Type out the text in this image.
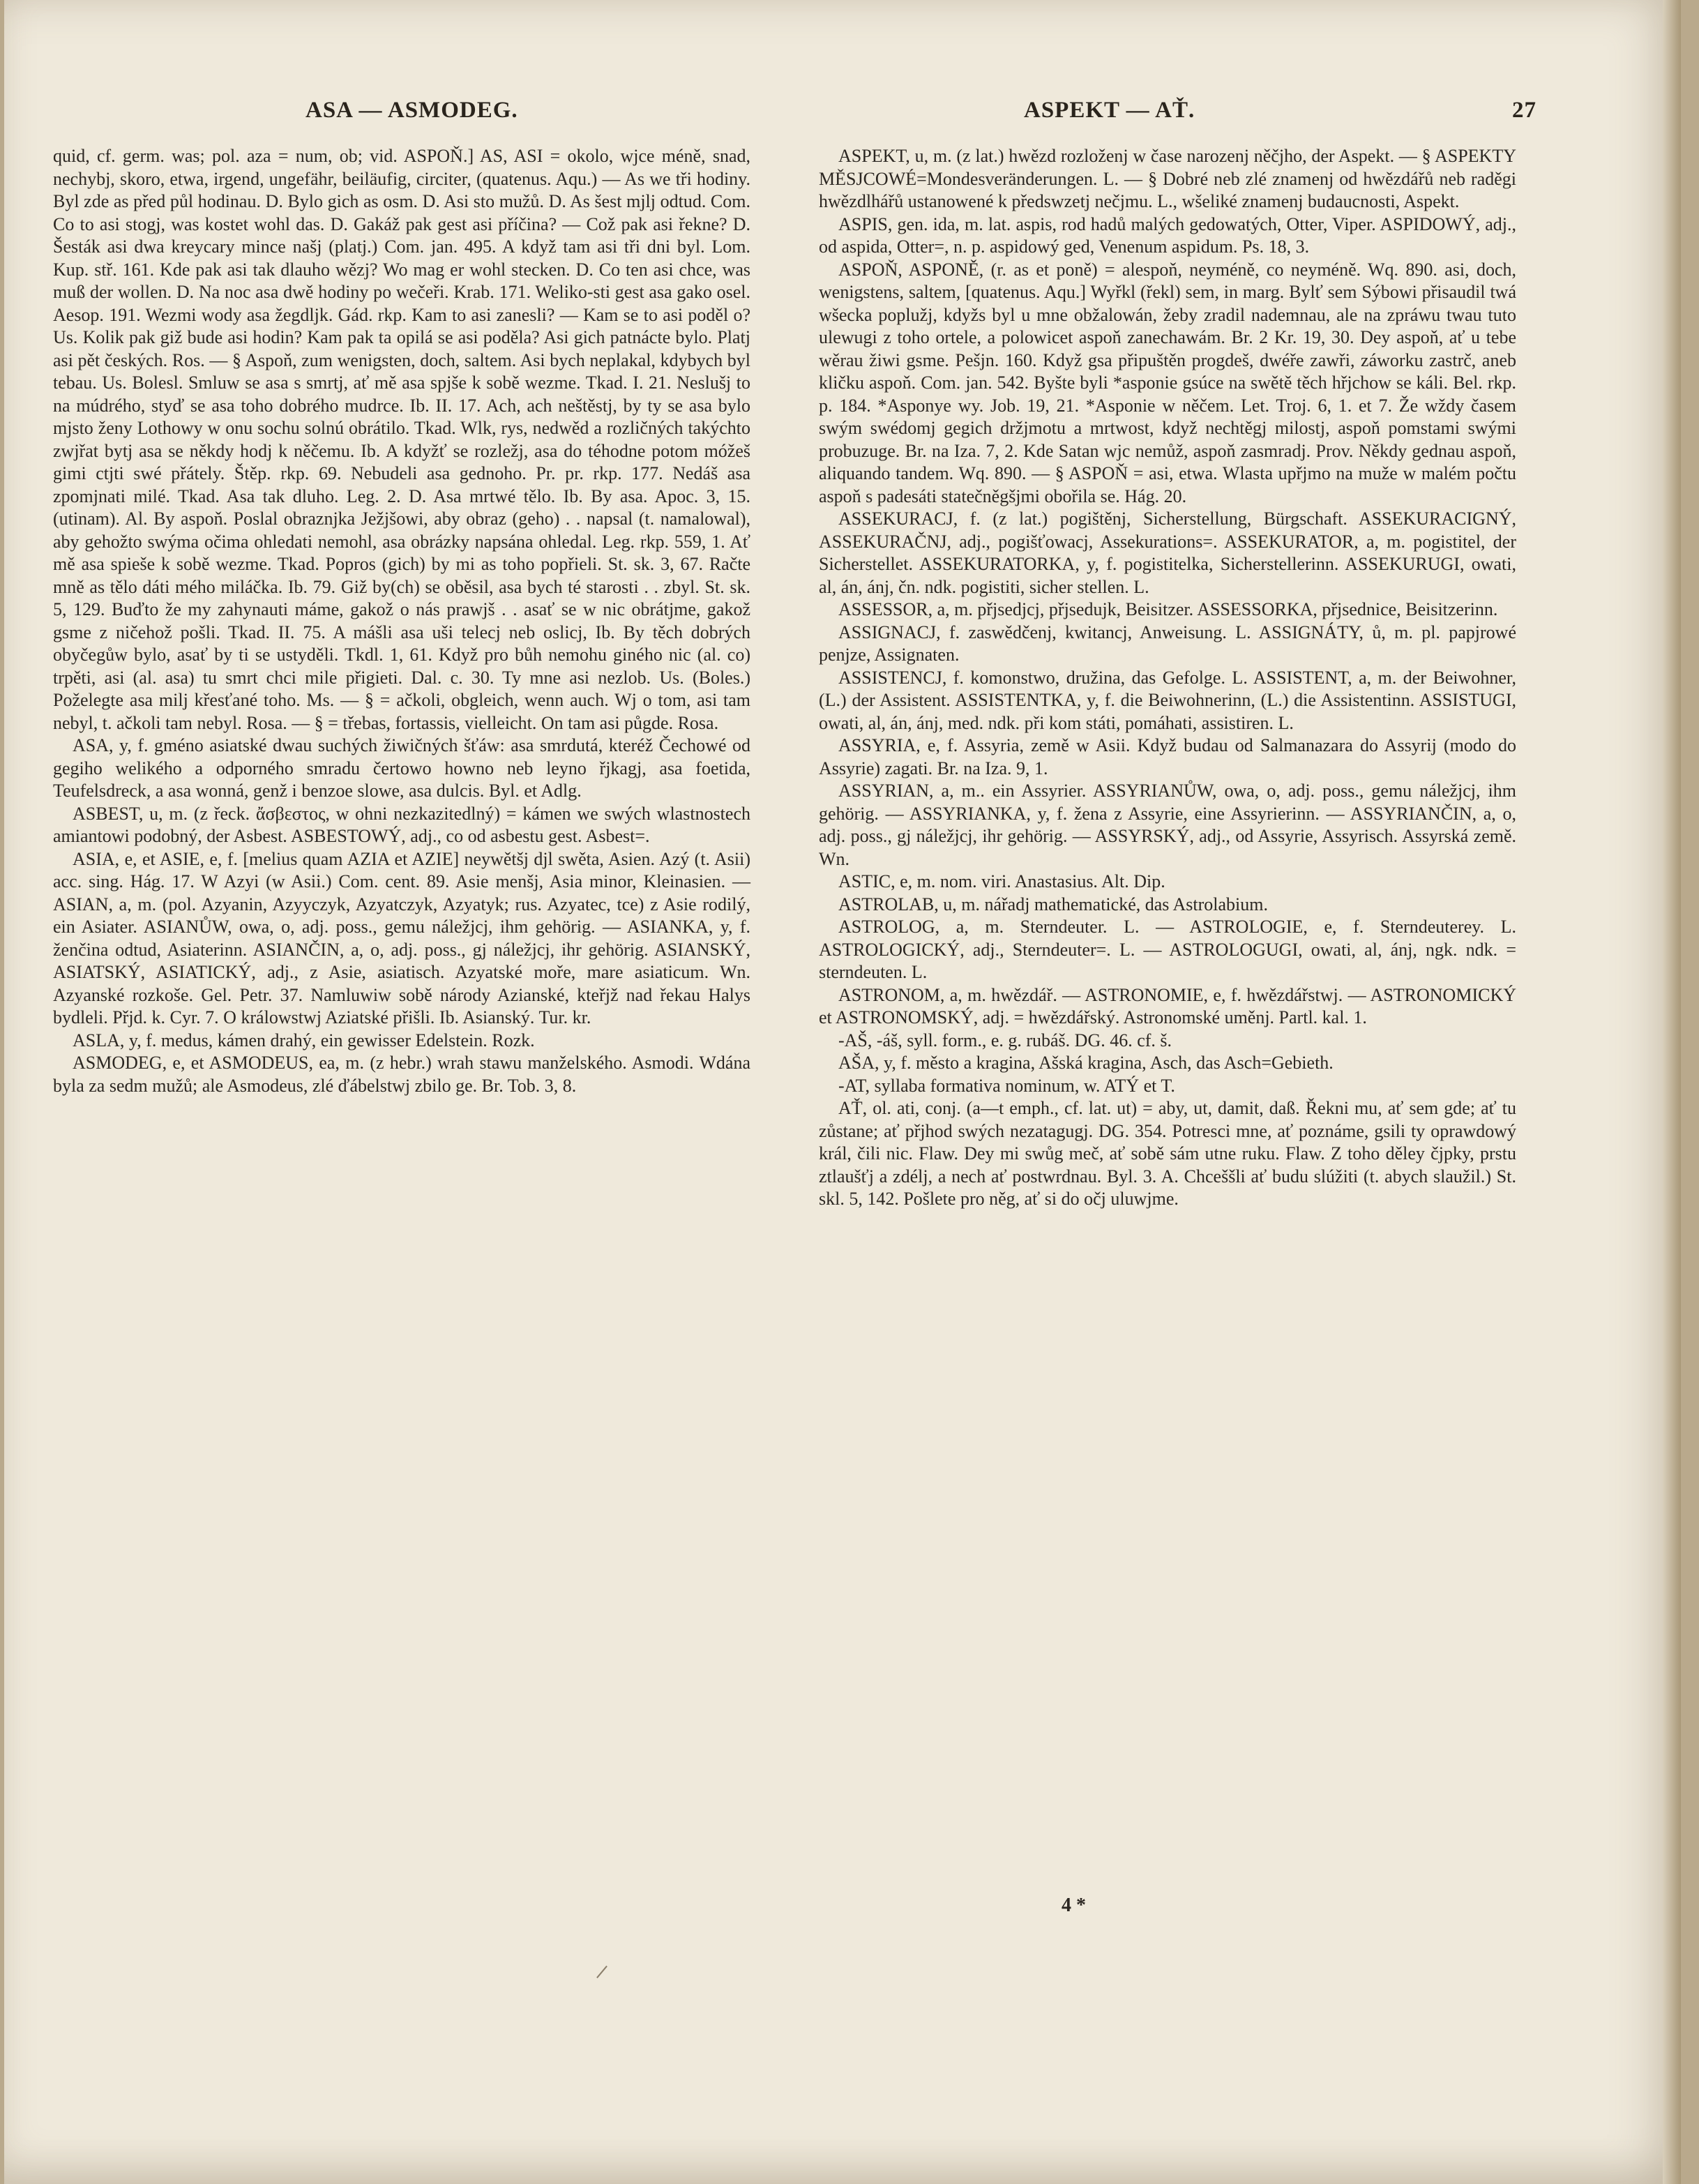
ASA — ASMODEG.	ASPEKT — AŤ.	27

quid, cf. germ. was; pol. aza = num, ob; vid. ASPOŇ.] AS, ASI = okolo, wjce méně, snad, nechybj, skoro, etwa, irgend, ungefähr, beiläufig, circiter, (quatenus. Aqu.) — As we tři hodiny. Byl zde as před půl hodinau. D. Bylo gich as osm. D. Asi sto mužů. D. As šest mjlj odtud. Com. Co to asi stogj, was kostet wohl das. D. Gakáž pak gest asi příčina? — Což pak asi řekne? D. Šesták asi dwa kreycary mince našj (platj.) Com. jan. 495. A když tam asi tři dni byl. Lom. Kup. stř. 161. Kde pak asi tak dlauho wězj? Wo mag er wohl stecken. D. Co ten asi chce, was muß der wollen. D. Na noc asa dwě hodiny po wečeři. Krab. 171. Weliko-sti gest asa gako osel. Aesop. 191. Wezmi wody asa žegdljk. Gád. rkp. Kam to asi zanesli? — Kam se to asi poděl o? Us. Kolik pak giž bude asi hodin? Kam pak ta opilá se asi poděla? Asi gich patnácte bylo. Platj asi pět českých. Ros. — § Aspoň, zum wenigsten, doch, saltem. Asi bych neplakal, kdybych byl tebau. Us. Bolesl. Smluw se asa s smrtj, ať mě asa spjše k sobě wezme. Tkad. I. 21. Neslušj to na múdrého, styď se asa toho dobrého mudrce. Ib. II. 17. Ach, ach neštěstj, by ty se asa bylo mjsto ženy Lothowy w onu sochu solnú obrátilo. Tkad. Wlk, rys, nedwěd a rozličných takýchto zwjřat bytj asa se někdy hodj k něčemu. Ib. A kdyžť se rozležj, asa do téhodne potom móžeš gimi ctjti swé přátely. Štěp. rkp. 69. Nebudeli asa gednoho. Pr. pr. rkp. 177. Nedáš asa zpomjnati milé. Tkad. Asa tak dluho. Leg. 2. D. Asa mrtwé tělo. Ib. By asa. Apoc. 3, 15. (utinam). Al. By aspoň. Poslal obraznjka Ježjšowi, aby obraz (geho) . . napsal (t. namalowal), aby gehožto swýma očima ohledati nemohl, asa obrázky napsána ohledal. Leg. rkp. 559, 1. Ať mě asa spieše k sobě wezme. Tkad. Popros (gich) by mi as toho popřieli. St. sk. 3, 67. Račte mně as tělo dáti mého miláčka. Ib. 79. Giž by(ch) se oběsil, asa bych té starosti . . zbyl. St. sk. 5, 129. Buďto že my zahynauti máme, gakož o nás prawjš . . asať se w nic obrátjme, gakož gsme z ničehož pošli. Tkad. II. 75. A mášli asa uši telecj neb oslicj, Ib. By těch dobrých obyčegůw bylo, asať by ti se ustyděli. Tkdl. 1, 61. Když pro bůh nemohu giného nic (al. co) trpěti, asi (al. asa) tu smrt chci mile přigieti. Dal. c. 30. Ty mne asi nezlob. Us. (Boles.) Poželegte asa milj křesťané toho. Ms. — § = ačkoli, obgleich, wenn auch. Wj o tom, asi tam nebyl, t. ačkoli tam nebyl. Rosa. — § = třebas, fortassis, vielleicht. On tam asi půgde. Rosa.

ASA, y, f. gméno asiatské dwau suchých žiwičných šťáw: asa smrdutá, kteréž Čechowé od gegiho welikého a odporného smradu čertowo howno neb leyno řjkagj, asa foetida, Teufelsdreck, a asa wonná, genž i benzoe slowe, asa dulcis. Byl. et Adlg.

ASBEST, u, m. (z řeck. ἄσβεστος, w ohni nezkazitedlný) = kámen we swých wlastnostech amiantowi podobný, der Asbest. ASBESTOWÝ, adj., co od asbestu gest. Asbest=.

ASIA, e, et ASIE, e, f. [melius quam AZIA et AZIE] neywětšj djl swěta, Asien. Azý (t. Asii) acc. sing. Hág. 17. W Azyi (w Asii.) Com. cent. 89. Asie menšj, Asia minor, Kleinasien. — ASIAN, a, m. (pol. Azyanin, Azyyczyk, Azyatczyk, Azyatyk; rus. Azyatec, tce) z Asie rodilý, ein Asiater. ASIANŮW, owa, o, adj. poss., gemu náležjcj, ihm gehörig. — ASIANKA, y, f. ženčina odtud, Asiaterinn. ASIANČIN, a, o, adj. poss., gj náležjcj, ihr gehörig. ASIANSKÝ, ASIATSKÝ, ASIATICKÝ, adj., z Asie, asiatisch. Azyatské moře, mare asiaticum. Wn. Azyanské rozkoše. Gel. Petr. 37. Namluwiw sobě národy Azianské, kteřjž nad řekau Halys bydleli. Přjd. k. Cyr. 7. O králowstwj Aziatské přišli. Ib. Asianský. Tur. kr.

ASLA, y, f. medus, kámen drahý, ein gewisser Edelstein. Rozk.

ASMODEG, e, et ASMODEUS, ea, m. (z hebr.) wrah stawu manželského. Asmodi. Wdána byla za sedm mužů; ale Asmodeus, zlé ďábelstwj zbilo ge. Br. Tob. 3, 8.

ASPEKT, u, m. (z lat.) hwězd rozloženj w čase narozenj něčjho, der Aspekt. — § ASPEKTY MĚSJCOWÉ=Mondesveränderungen. L. — § Dobré neb zlé znamenj od hwězdářů neb raděgi hwězdlhářů ustanowené k předswzetj nečjmu. L., wšeliké znamenj budaucnosti, Aspekt.

ASPIS, gen. ida, m. lat. aspis, rod hadů malých gedowatých, Otter, Viper. ASPIDOWÝ, adj., od aspida, Otter=, n. p. aspidowý ged, Venenum aspidum. Ps. 18, 3.

ASPOŇ, ASPONĚ, (r. as et poně) = alespoň, neyméně, co neyméně. Wq. 890. asi, doch, wenigstens, saltem, [quatenus. Aqu.] Wyřkl (řekl) sem, in marg. Bylť sem Sýbowi přisaudil twá wšecka poplužj, kdyžs byl u mne obžalowán, žeby zradil nademnau, ale na zpráwu twau tuto ulewugi z toho ortele, a polowicet aspoň zanechawám. Br. 2 Kr. 19, 30. Dey aspoň, ať u tebe wěrau žiwi gsme. Pešjn. 160. Když gsa připuštěn progdeš, dwéře zawři, záworku zastrč, aneb kličku aspoň. Com. jan. 542. Byšte byli *asponie gsúce na swětě těch hřjchow se káli. Bel. rkp. p. 184. *Asponye wy. Job. 19, 21. *Asponie w něčem. Let. Troj. 6, 1. et 7. Že wždy časem swým swédomj gegich držjmotu a mrtwost, když nechtěgj milostj, aspoň pomstami swými probuzuge. Br. na Iza. 7, 2. Kde Satan wjc nemůž, aspoň zasmradj. Prov. Někdy gednau aspoň, aliquando tandem. Wq. 890. — § ASPOŇ = asi, etwa. Wlasta upřjmo na muže w malém počtu aspoň s padesáti statečněgšjmi obořila se. Hág. 20.

ASSEKURACJ, f. (z lat.) pogištěnj, Sicherstellung, Bürgschaft. ASSEKURACIGNÝ, ASSEKURAČNJ, adj., pogišťowacj, Assekurations=. ASSEKURATOR, a, m. pogistitel, der Sicherstellet. ASSEKURATORKA, y, f. pogistitelka, Sicherstellerinn. ASSEKURUGI, owati, al, án, ánj, čn. ndk. pogistiti, sicher stellen. L.

ASSESSOR, a, m. přjsedjcj, přjsedujk, Beisitzer. ASSESSORKA, přjsednice, Beisitzerinn.

ASSIGNACJ, f. zaswědčenj, kwitancj, Anweisung. L. ASSIGNÁTY, ů, m. pl. papjrowé penjze, Assignaten.

ASSISTENCJ, f. komonstwo, družina, das Gefolge. L. ASSISTENT, a, m. der Beiwohner, (L.) der Assistent. ASSISTENTKA, y, f. die Beiwohnerinn, (L.) die Assistentinn. ASSISTUGI, owati, al, án, ánj, med. ndk. při kom státi, pomáhati, assistiren. L.

ASSYRIA, e, f. Assyria, země w Asii. Když budau od Salmanazara do Assyrij (modo do Assyrie) zagati. Br. na Iza. 9, 1.

ASSYRIAN, a, m.. ein Assyrier. ASSYRIANŮW, owa, o, adj. poss., gemu náležjcj, ihm gehörig. — ASSYRIANKA, y, f. žena z Assyrie, eine Assyrierinn. — ASSYRIANČIN, a, o, adj. poss., gj náležjcj, ihr gehörig. — ASSYRSKÝ, adj., od Assyrie, Assyrisch. Assyrská země. Wn.

ASTIC, e, m. nom. viri. Anastasius. Alt. Dip.

ASTROLAB, u, m. nářadj mathematické, das Astrolabium.

ASTROLOG, a, m. Sterndeuter. L. — ASTROLOGIE, e, f. Sterndeuterey. L. ASTROLOGICKÝ, adj., Sterndeuter=. L. — ASTROLOGUGI, owati, al, ánj, ngk. ndk. = sterndeuten. L.

ASTRONOM, a, m. hwězdář. — ASTRONOMIE, e, f. hwězdářstwj. — ASTRONOMICKÝ et ASTRONOMSKÝ, adj. = hwězdářský. Astronomské uměnj. Partl. kal. 1.

-AŠ, -áš, syll. form., e. g. rubáš. DG. 46. cf. š.

AŠA, y, f. město a kragina, Ašská kragina, Asch, das Asch=Gebieth.

-AT, syllaba formativa nominum, w. ATÝ et T.

AŤ, ol. ati, conj. (a—t emph., cf. lat. ut) = aby, ut, damit, daß. Řekni mu, ať sem gde; ať tu zůstane; ať přjhod swých nezatagugj. DG. 354. Potresci mne, ať poznáme, gsili ty oprawdowý král, čili nic. Flaw. Dey mi swůg meč, ať sobě sám utne ruku. Flaw. Z toho děley čjpky, prstu ztlaušťj a zdélj, a nech ať postwrdnau. Byl. 3. A. Chceššli ať budu slúžiti (t. abych slaužil.) St. skl. 5, 142. Pošlete pro něg, ať si do očj uluwjme.

4 *
